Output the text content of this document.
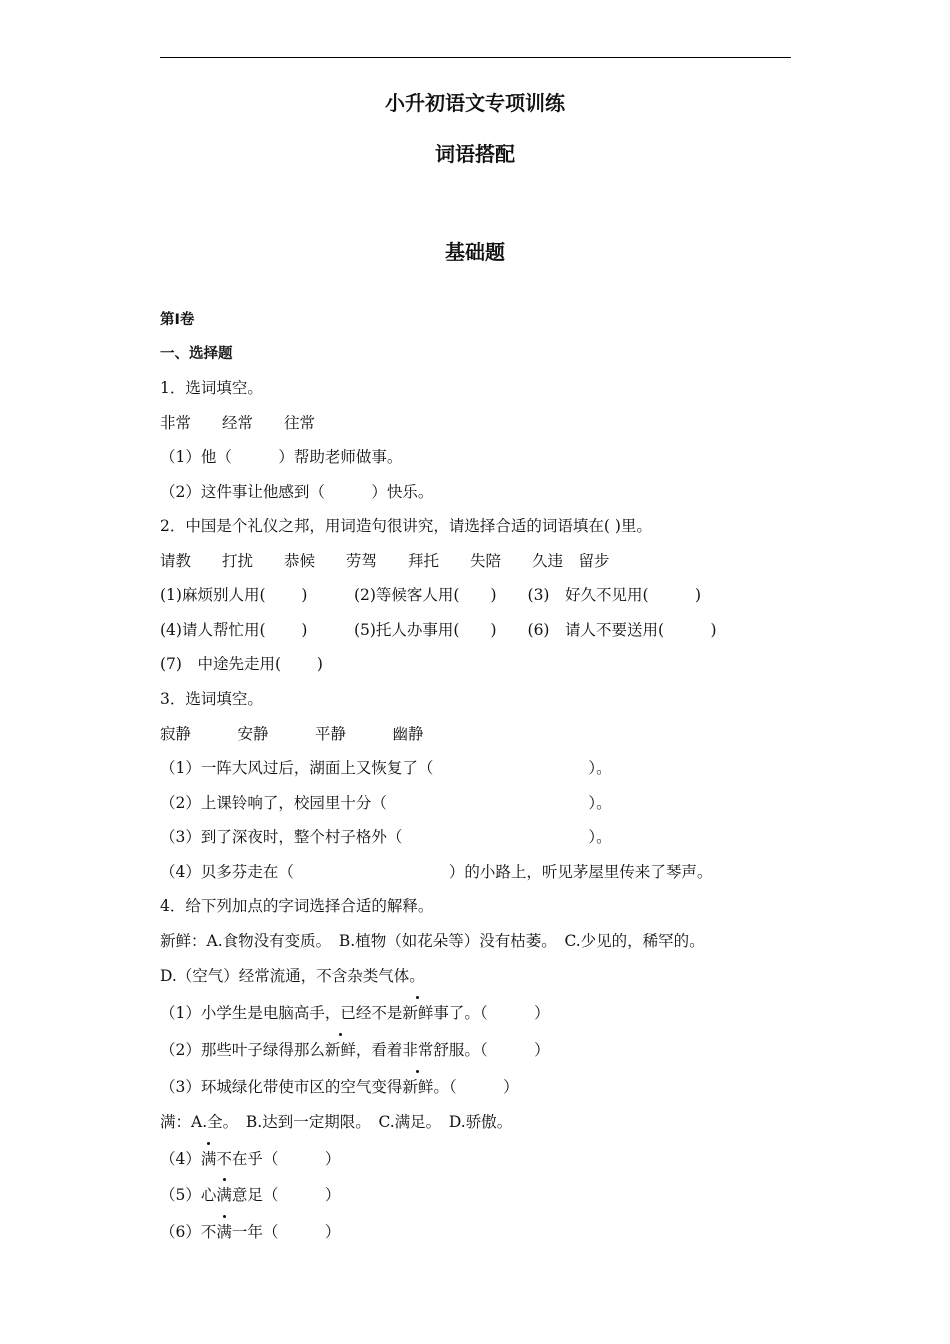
小升初语文专项训练
词语搭配
基础题
第I卷
一、选择题
1．选词填空。
非常　　经常　　往常
（1）他（　　　）帮助老师做事。
（2）这件事让他感到（　　　）快乐。
2．中国是个礼仪之邦，用词造句很讲究，请选择合适的词语填在( )里。
请教　　打扰　　恭候　　劳驾　　拜托　　失陪　　久违　留步
(1)麻烦别人用(　　 )　　　(2)等候客人用(　　)　　(3)　好久不见用(　　　)
(4)请人帮忙用(　　 )　　　(5)托人办事用(　　)　　(6)　请人不要送用(　　　)
(7)　中途先走用(　　 )
3．选词填空。
寂静　　　安静　　　平静　　　幽静
（1）一阵大风过后，湖面上又恢复了（　　　　　　　　　　）。
（2）上课铃响了，校园里十分（　　　　　　　　　　　　　）。
（3）到了深夜时，整个村子格外（　　　　　　　　　　　　）。
（4）贝多芬走在（　　　　　　　　　　）的小路上，听见茅屋里传来了琴声。
4．给下列加点的字词选择合适的解释。
新鲜：A.食物没有变质。　B.植物（如花朵等）没有枯萎。　C.少见的，稀罕的。
D.（空气）经常流通，不含杂类气体。
（1）小学生是电脑高手，已经不是新鲜事了。（　　　）
（2）那些叶子绿得那么新鲜，看着非常舒服。（　　　）
（3）环城绿化带使市区的空气变得新鲜。（　　　）
满：A.全。　B.达到一定期限。　C.满足。　D.骄傲。
（4）满不在乎（　　　）
（5）心满意足（　　　）
（6）不满一年（　　　）
